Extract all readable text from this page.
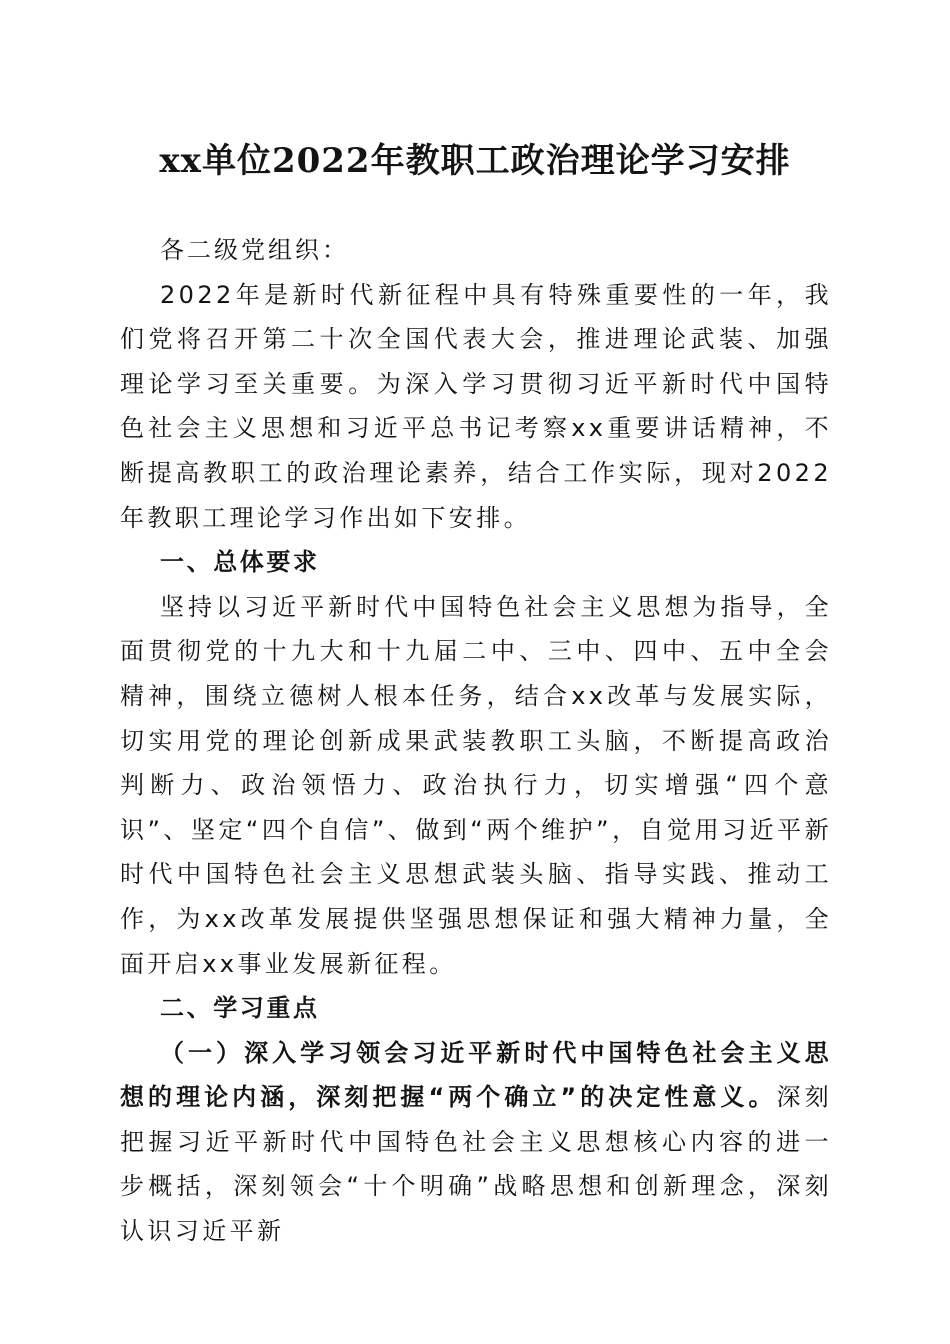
xx单位2022年教职工政治理论学习安排

各二级党组织：

2022年是新时代新征程中具有特殊重要性的一年，我们党将召开第二十次全国代表大会，推进理论武装、加强理论学习至关重要。为深入学习贯彻习近平新时代中国特色社会主义思想和习近平总书记考察xx重要讲话精神，不断提高教职工的政治理论素养，结合工作实际，现对2022年教职工理论学习作出如下安排。

一、总体要求

坚持以习近平新时代中国特色社会主义思想为指导，全面贯彻党的十九大和十九届二中、三中、四中、五中全会精神，围绕立德树人根本任务，结合xx改革与发展实际，切实用党的理论创新成果武装教职工头脑，不断提高政治判断力、政治领悟力、政治执行力，切实增强“四个意识”、坚定“四个自信”、做到“两个维护”，自觉用习近平新时代中国特色社会主义思想武装头脑、指导实践、推动工作，为xx改革发展提供坚强思想保证和强大精神力量，全面开启xx事业发展新征程。

二、学习重点

（一）深入学习领会习近平新时代中国特色社会主义思想的理论内涵，深刻把握“两个确立”的决定性意义。深刻把握习近平新时代中国特色社会主义思想核心内容的进一步概括，深刻领会“十个明确”战略思想和创新理念，深刻认识习近平新
